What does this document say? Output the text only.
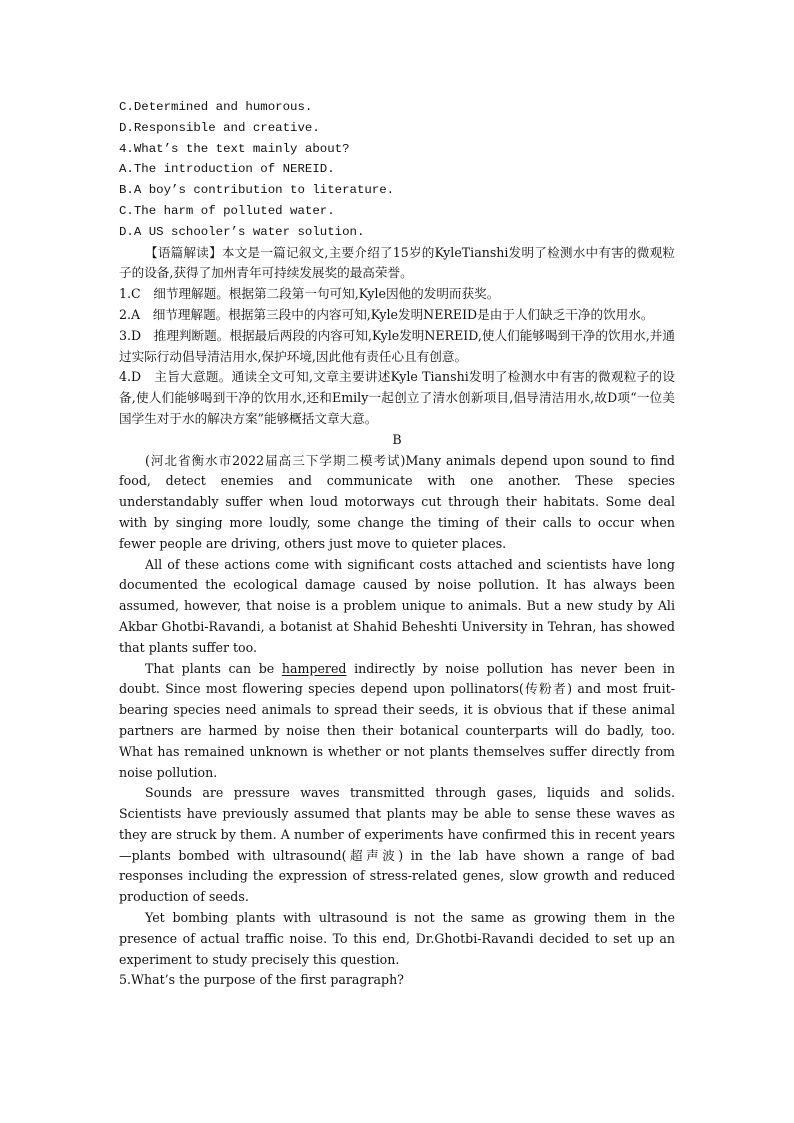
C.Determined and humorous.
D.Responsible and creative.
4.What’s the text mainly about?
A.The introduction of NEREID.
B.A boy’s contribution to literature.
C.The harm of polluted water.
D.A US schooler’s water solution.

【语篇解读】本文是一篇记叙文,主要介绍了15岁的KyleTianshi发明了检测水中有害的微观粒子的设备,获得了加州青年可持续发展奖的最高荣誉。

1.C　细节理解题。根据第二段第一句可知,Kyle因他的发明而获奖。

2.A　细节理解题。根据第三段中的内容可知,Kyle发明NEREID是由于人们缺乏干净的饮用水。

3.D　推理判断题。根据最后两段的内容可知,Kyle发明NEREID,使人们能够喝到干净的饮用水,并通过实际行动倡导清洁用水,保护环境,因此他有责任心且有创意。

4.D　主旨大意题。通读全文可知,文章主要讲述Kyle Tianshi发明了检测水中有害的微观粒子的设备,使人们能够喝到干净的饮用水,还和Emily一起创立了清水创新项目,倡导清洁用水,故D项“一位美国学生对于水的解决方案”能够概括文章大意。

B

(河北省衡水市2022届高三下学期二模考试)Many animals depend upon sound to find food, detect enemies and communicate with one another. These species understandably suffer when loud motorways cut through their habitats. Some deal with by singing more loudly, some change the timing of their calls to occur when fewer people are driving, others just move to quieter places.

All of these actions come with significant costs attached and scientists have long documented the ecological damage caused by noise pollution. It has always been assumed, however, that noise is a problem unique to animals. But a new study by Ali Akbar Ghotbi-Ravandi, a botanist at Shahid Beheshti University in Tehran, has showed that plants suffer too.

That plants can be hampered indirectly by noise pollution has never been in doubt. Since most flowering species depend upon pollinators(传粉者) and most fruit-bearing species need animals to spread their seeds, it is obvious that if these animal partners are harmed by noise then their botanical counterparts will do badly, too. What has remained unknown is whether or not plants themselves suffer directly from noise pollution.

Sounds are pressure waves transmitted through gases, liquids and solids. Scientists have previously assumed that plants may be able to sense these waves as they are struck by them. A number of experiments have confirmed this in recent years—plants bombed with ultrasound(超声波) in the lab have shown a range of bad responses including the expression of stress-related genes, slow growth and reduced production of seeds.

Yet bombing plants with ultrasound is not the same as growing them in the presence of actual traffic noise. To this end, Dr.Ghotbi-Ravandi decided to set up an experiment to study precisely this question.

5.What’s the purpose of the first paragraph?
